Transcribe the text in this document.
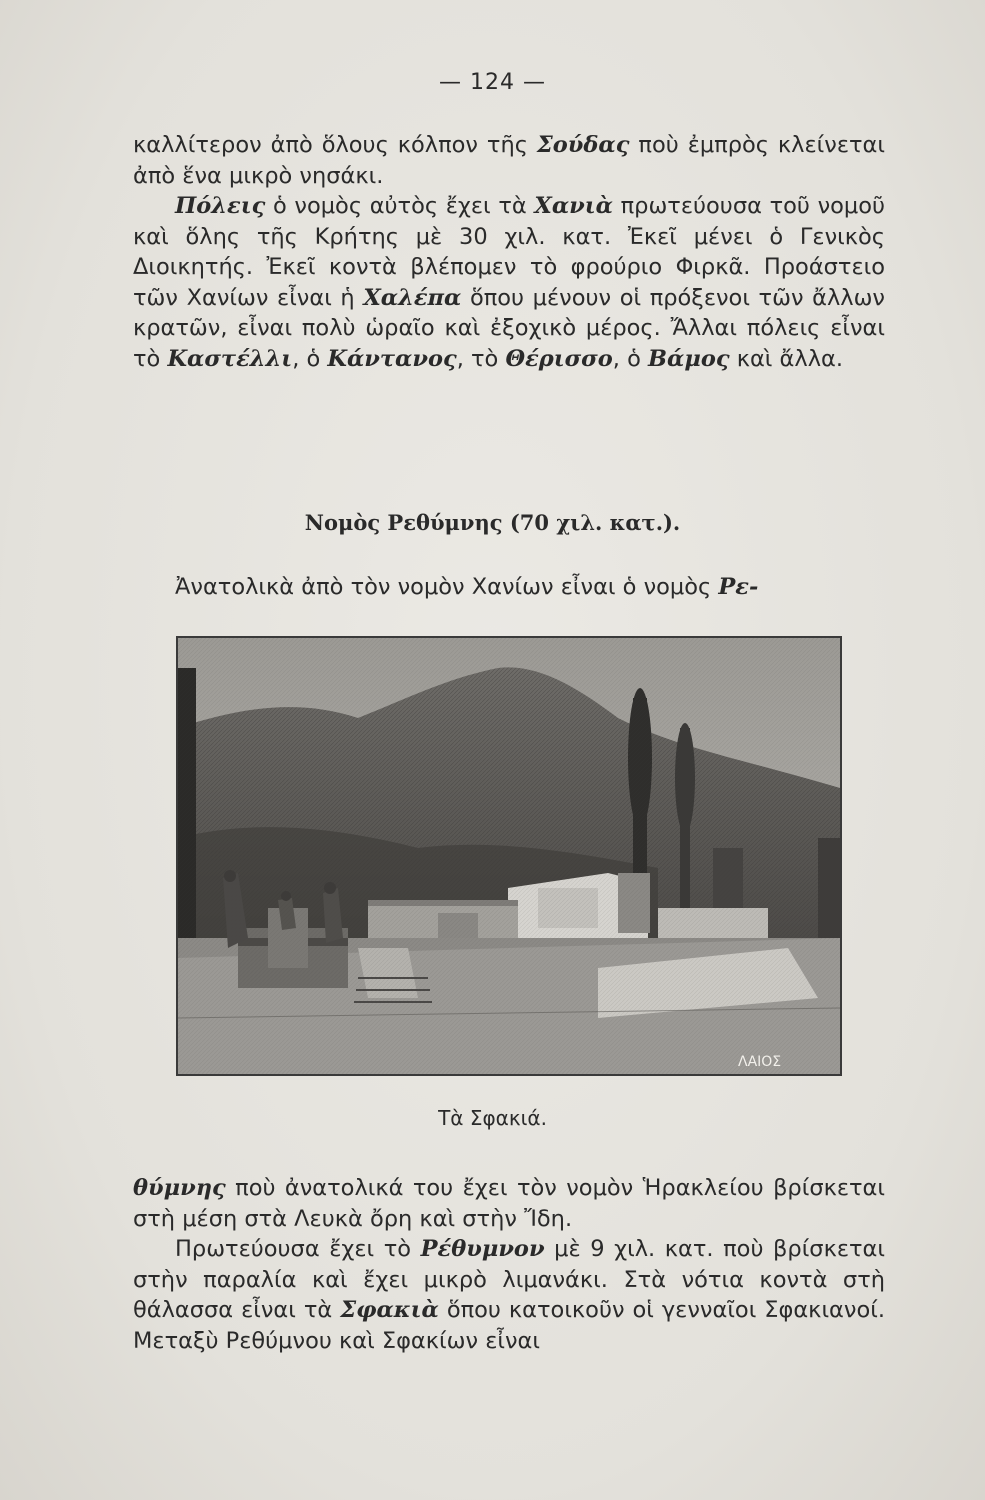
— 124 —

καλλίτερον ἀπὸ ὅλους κόλπον τῆς Σούδας ποὺ ἐμπρὸς κλείνεται ἀπὸ ἕνα μικρὸ νησάκι.

Πόλεις ὁ νομὸς αὐτὸς ἔχει τὰ Χανιὰ πρωτεύουσα τοῦ νομοῦ καὶ ὅλης τῆς Κρήτης μὲ 30 χιλ. κατ. Ἐκεῖ μένει ὁ Γενικὸς Διοικητής. Ἐκεῖ κοντὰ βλέπομεν τὸ φρούριο Φιρκᾶ. Προάστειο τῶν Χανίων εἶναι ἡ Χαλέπα ὅπου μένουν οἱ πρόξενοι τῶν ἄλλων κρατῶν, εἶναι πολὺ ὡραῖο καὶ ἐξοχικὸ μέρος. Ἄλλαι πόλεις εἶναι τὸ Καστέλλι, ὁ Κάντανος, τὸ Θέρισσο, ὁ Βάμος καὶ ἄλλα.

Νομὸς Ρεθύμνης (70 χιλ. κατ.).

Ἀνατολικὰ ἀπὸ τὸν νομὸν Χανίων εἶναι ὁ νομὸς Ρε-

ΛΑΙΟΣ
Τὰ Σφακιά.

θύμνης ποὺ ἀνατολικά του ἔχει τὸν νομὸν Ἡρακλείου βρίσκεται στὴ μέση στὰ Λευκὰ ὄρη καὶ στὴν Ἴδη.

Πρωτεύουσα ἔχει τὸ Ρέθυμνον μὲ 9 χιλ. κατ. ποὺ βρίσκεται στὴν παραλία καὶ ἔχει μικρὸ λιμανάκι. Στὰ νότια κοντὰ στὴ θάλασσα εἶναι τὰ Σφακιὰ ὅπου κατοικοῦν οἱ γενναῖοι Σφακιανοί. Μεταξὺ Ρεθύμνου καὶ Σφακίων εἶναι
